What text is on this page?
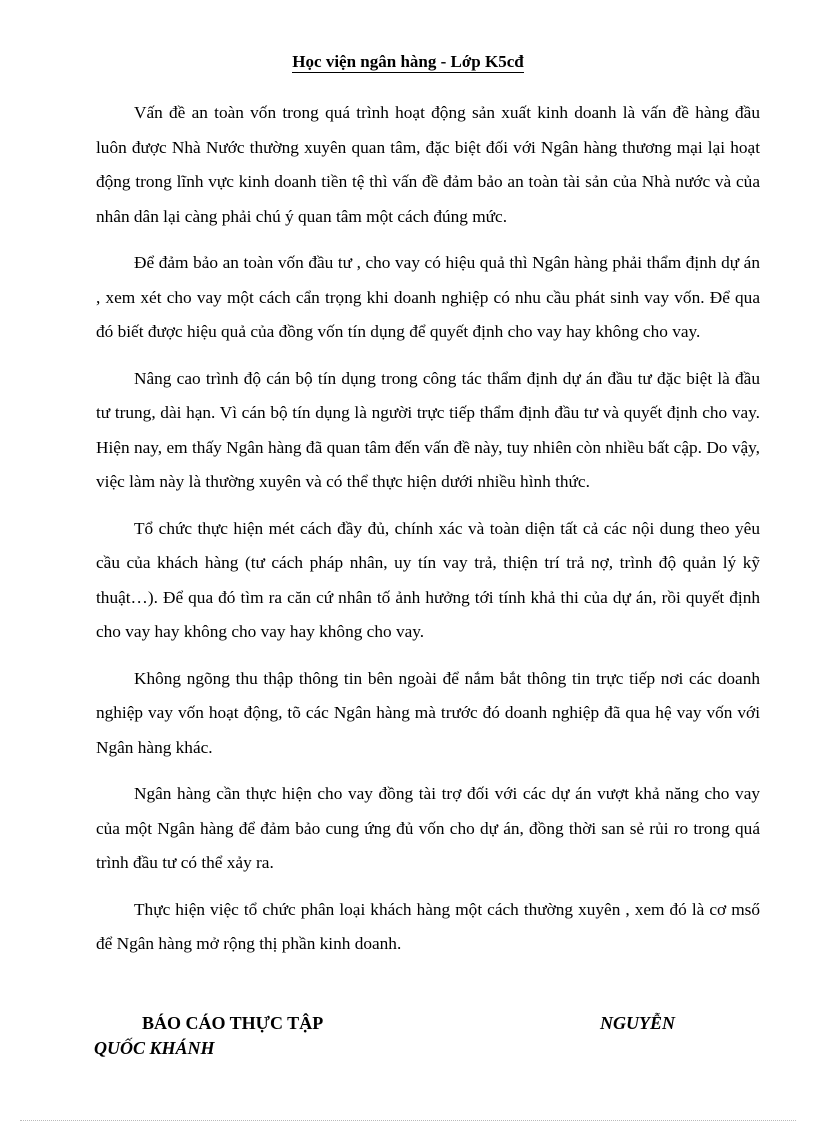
Học viện ngân hàng - Lớp K5cđ

Vấn đề an toàn vốn trong quá trình hoạt động sản xuất kinh doanh là vấn đề hàng đầu luôn được Nhà Nước thường xuyên quan tâm, đặc biệt đối với Ngân hàng thương mại lại hoạt động trong lĩnh vực kinh doanh tiền tệ thì vấn đề đảm bảo an toàn tài sản của Nhà nước và của nhân dân lại càng phải chú ý quan tâm một cách đúng mức.

Để đảm bảo an toàn vốn đầu tư , cho vay có hiệu quả thì Ngân hàng phải thẩm định dự án , xem xét cho vay một cách cẩn trọng khi doanh nghiệp có nhu cầu phát sinh vay vốn. Để qua đó biết được hiệu quả của đồng vốn tín dụng để quyết định cho vay hay không cho vay.

Nâng cao trình độ cán bộ tín dụng trong công tác thẩm định dự án đầu tư đặc biệt là đầu tư trung, dài hạn. Vì cán bộ tín dụng là người trực tiếp thẩm định đầu tư và quyết định cho vay. Hiện nay, em thấy Ngân hàng đã quan tâm đến vấn đề này, tuy nhiên còn nhiều bất cập. Do vậy, việc làm này là thường xuyên và có thể thực hiện dưới nhiều hình thức.

Tổ chức thực hiện mét cách đầy đủ, chính xác và toàn diện tất cả các nội dung theo yêu cầu của khách hàng (tư cách pháp nhân, uy tín vay trả, thiện trí trả nợ, trình độ quản lý kỹ thuật…). Để qua đó tìm ra căn cứ nhân tố ảnh hưởng tới tính khả thi của dự án, rồi quyết định cho vay hay không cho vay hay không cho vay.

Không ngõng thu thập thông tin bên ngoài để nắm bắt thông tin trực tiếp nơi các doanh nghiệp vay vốn hoạt động, tõ các Ngân hàng mà trước đó doanh nghiệp đã qua hệ vay vốn với Ngân hàng khác.

Ngân hàng cần thực hiện cho vay đồng tài trợ đối với các dự án vượt khả năng cho vay của một Ngân hàng để đảm bảo cung ứng đủ vốn cho dự án, đồng thời san sẻ rủi ro trong quá trình đầu tư có thể xảy ra.

Thực hiện việc tổ chức phân loại khách hàng một cách thường xuyên , xem đó là cơ mső để Ngân hàng mở rộng thị phần kinh doanh.

BÁO CÁO THỰC TẬP	NGUYỄN
QUỐC KHÁNH
